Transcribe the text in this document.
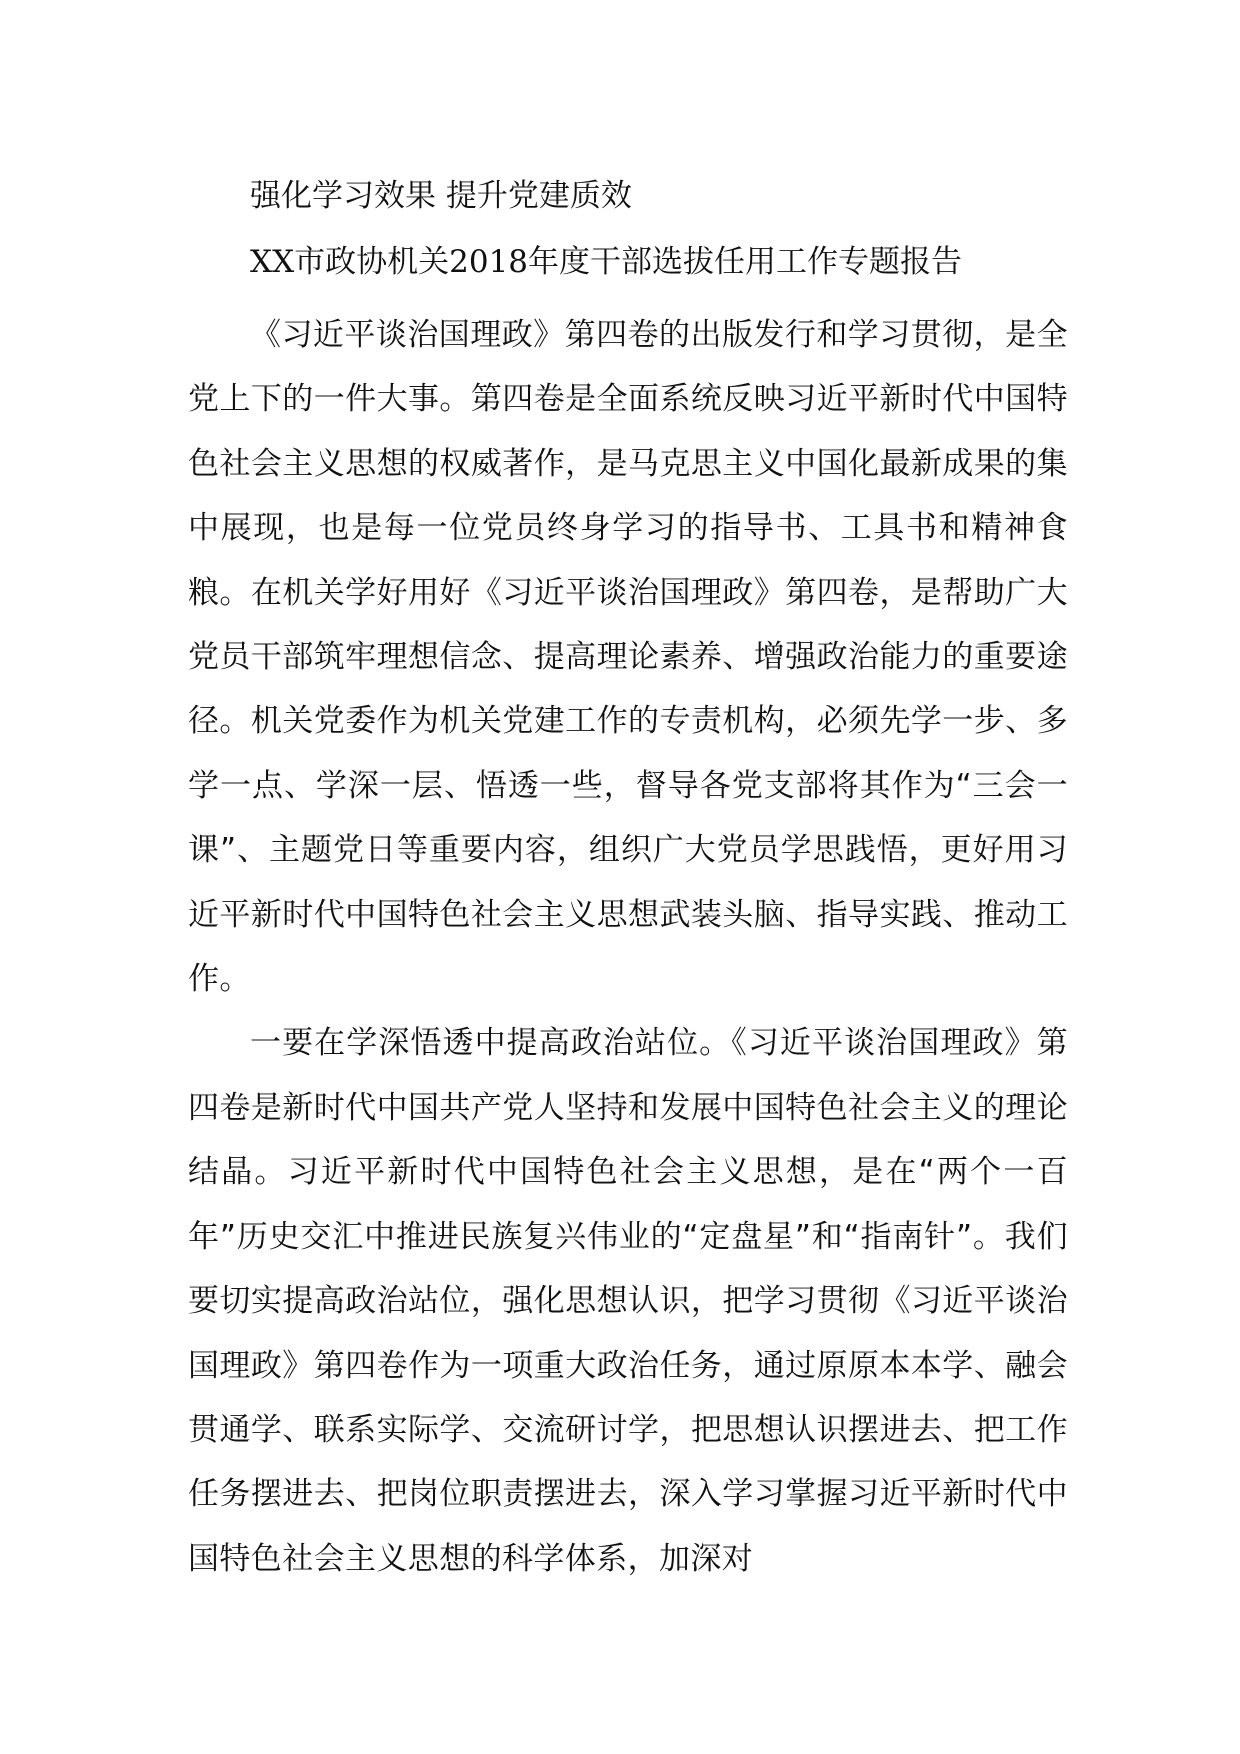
强化学习效果 提升党建质效
XX市政协机关2018年度干部选拔任用工作专题报告

《习近平谈治国理政》第四卷的出版发行和学习贯彻，是全党上下的一件大事。第四卷是全面系统反映习近平新时代中国特色社会主义思想的权威著作，是马克思主义中国化最新成果的集中展现，也是每一位党员终身学习的指导书、工具书和精神食粮。在机关学好用好《习近平谈治国理政》第四卷，是帮助广大党员干部筑牢理想信念、提高理论素养、增强政治能力的重要途径。机关党委作为机关党建工作的专责机构，必须先学一步、多学一点、学深一层、悟透一些，督导各党支部将其作为“三会一课”、主题党日等重要内容，组织广大党员学思践悟，更好用习近平新时代中国特色社会主义思想武装头脑、指导实践、推动工作。

一要在学深悟透中提高政治站位。《习近平谈治国理政》第四卷是新时代中国共产党人坚持和发展中国特色社会主义的理论结晶。习近平新时代中国特色社会主义思想，是在“两个一百年”历史交汇中推进民族复兴伟业的“定盘星”和“指南针”。我们要切实提高政治站位，强化思想认识，把学习贯彻《习近平谈治国理政》第四卷作为一项重大政治任务，通过原原本本学、融会贯通学、联系实际学、交流研讨学，把思想认识摆进去、把工作任务摆进去、把岗位职责摆进去，深入学习掌握习近平新时代中国特色社会主义思想的科学体系，加深对
